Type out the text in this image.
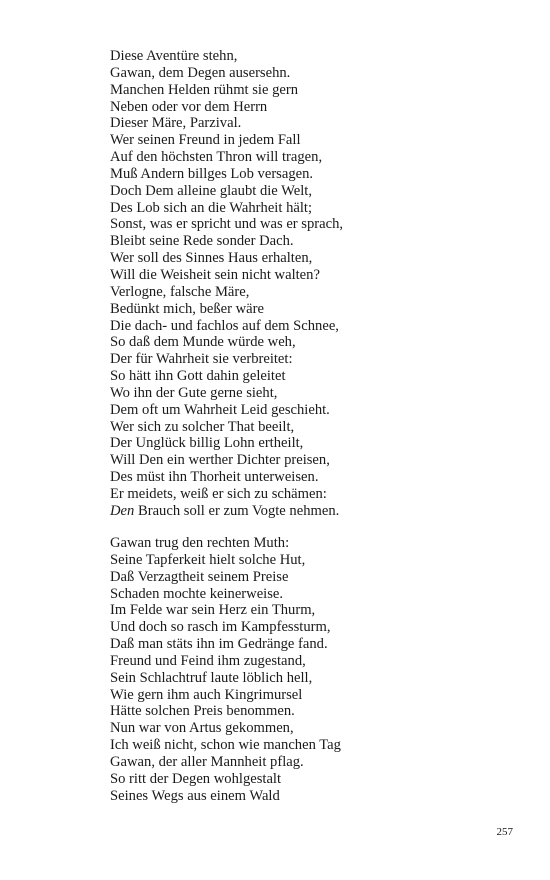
Diese Aventüre stehn,
Gawan, dem Degen ausersehn.
Manchen Helden rühmt sie gern
Neben oder vor dem Herrn
Dieser Märe, Parzival.
Wer seinen Freund in jedem Fall
Auf den höchsten Thron will tragen,
Muß Andern billges Lob versagen.
Doch Dem alleine glaubt die Welt,
Des Lob sich an die Wahrheit hält;
Sonst, was er spricht und was er sprach,
Bleibt seine Rede sonder Dach.
Wer soll des Sinnes Haus erhalten,
Will die Weisheit sein nicht walten?
Verlogne, falsche Märe,
Bedünkt mich, beßer wäre
Die dach- und fachlos auf dem Schnee,
So daß dem Munde würde weh,
Der für Wahrheit sie verbreitet:
So hätt ihn Gott dahin geleitet
Wo ihn der Gute gerne sieht,
Dem oft um Wahrheit Leid geschieht.
Wer sich zu solcher That beeilt,
Der Unglück billig Lohn ertheilt,
Will Den ein werther Dichter preisen,
Des müst ihn Thorheit unterweisen.
Er meidets, weiß er sich zu schämen:
Den Brauch soll er zum Vogte nehmen.
Gawan trug den rechten Muth:
Seine Tapferkeit hielt solche Hut,
Daß Verzagtheit seinem Preise
Schaden mochte keinerweise.
Im Felde war sein Herz ein Thurm,
Und doch so rasch im Kampfessturm,
Daß man stäts ihn im Gedränge fand.
Freund und Feind ihm zugestand,
Sein Schlachtruf laute löblich hell,
Wie gern ihm auch Kingrimursel
Hätte solchen Preis benommen.
Nun war von Artus gekommen,
Ich weiß nicht, schon wie manchen Tag
Gawan, der aller Mannheit pflag.
So ritt der Degen wohlgestalt
Seines Wegs aus einem Wald
257
